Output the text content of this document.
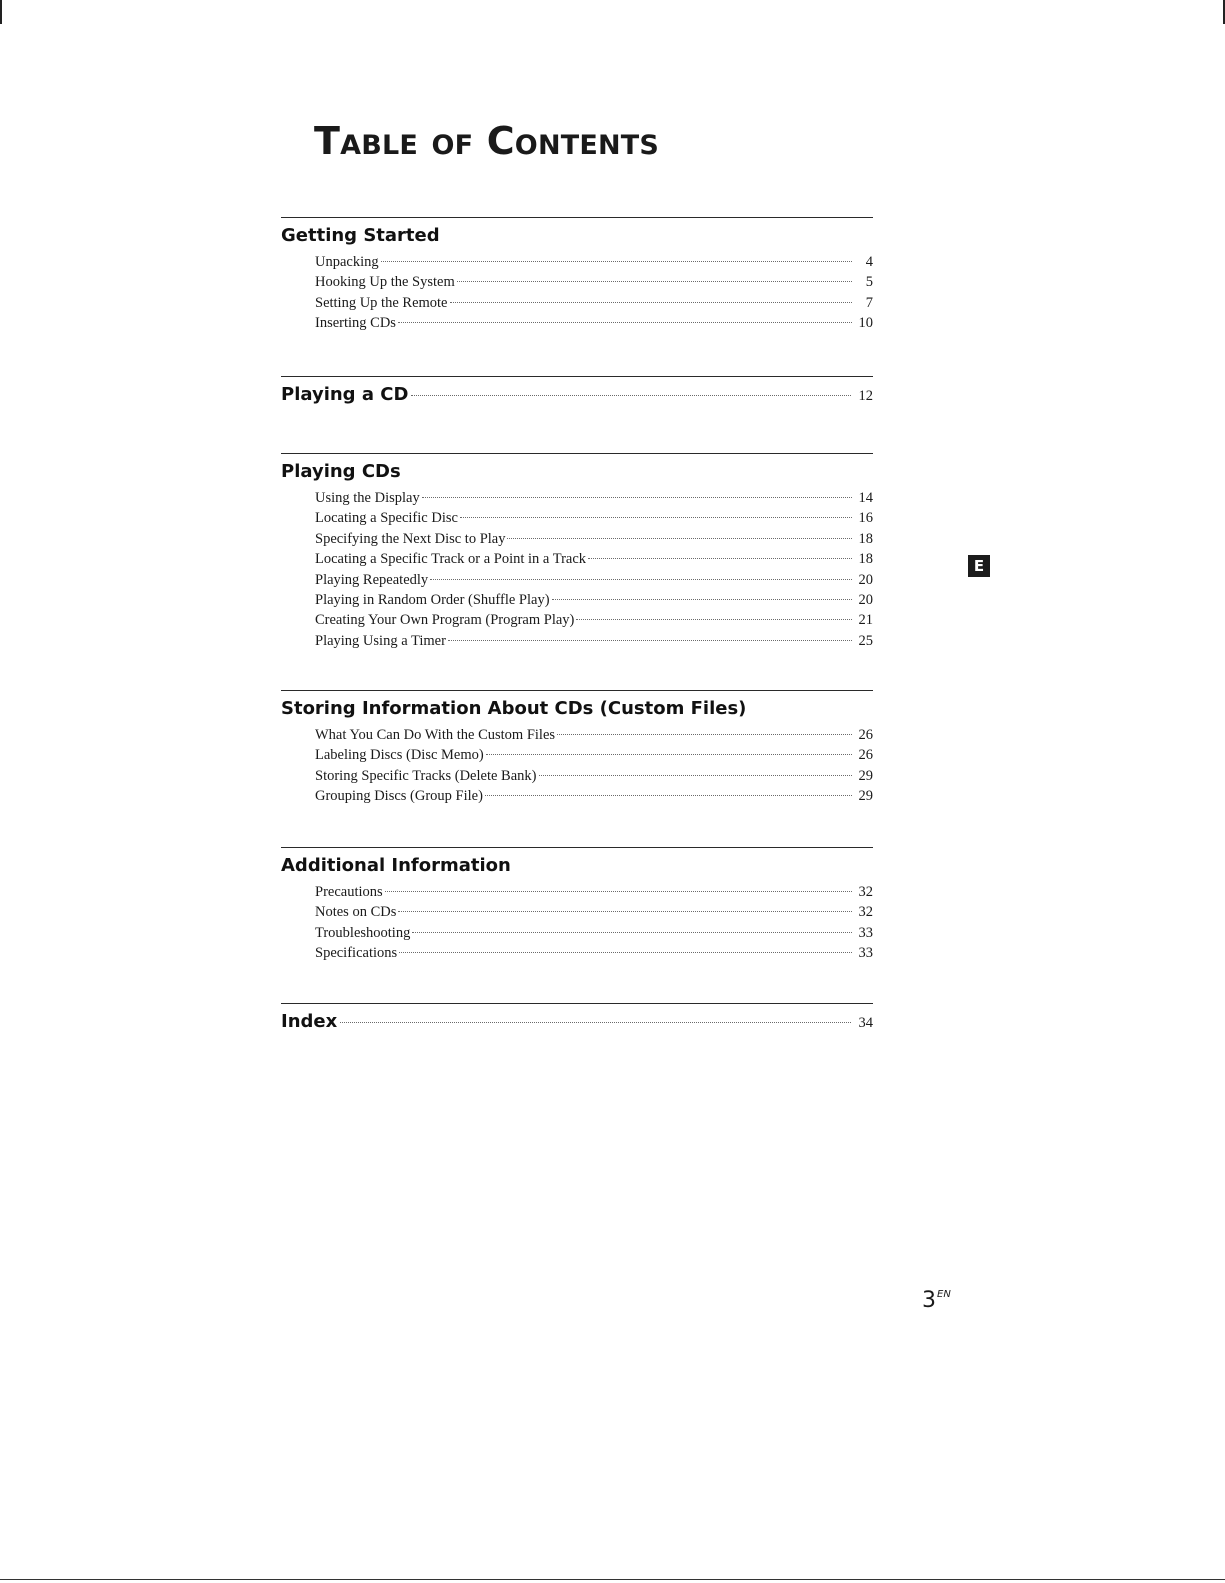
Table of Contents
Getting Started
Unpacking	4
Hooking Up the System	5
Setting Up the Remote	7
Inserting CDs	10
Playing a CD	12
Playing CDs
Using the Display	14
Locating a Specific Disc	16
Specifying the Next Disc to Play	18
Locating a Specific Track or a Point in a Track	18
Playing Repeatedly	20
Playing in Random Order (Shuffle Play)	20
Creating Your Own Program (Program Play)	21
Playing Using a Timer	25
Storing Information About CDs (Custom Files)
What You Can Do With the Custom Files	26
Labeling Discs (Disc Memo)	26
Storing Specific Tracks (Delete Bank)	29
Grouping Discs (Group File)	29
Additional Information
Precautions	32
Notes on CDs	32
Troubleshooting	33
Specifications	33
Index	34
E
$3^{EN}$
